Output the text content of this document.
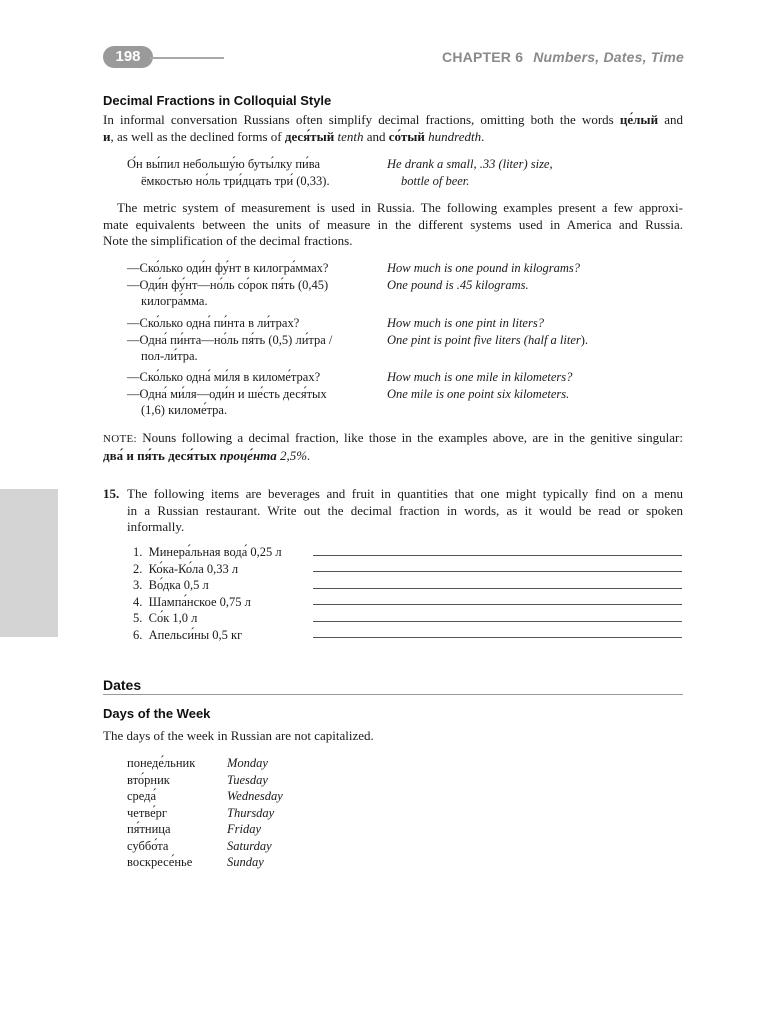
198	CHAPTER 6 Numbers, Dates, Time
Decimal Fractions in Colloquial Style
In informal conversation Russians often simplify decimal fractions, omitting both the words це́лый and
и, as well as the declined forms of деся́тый tenth and со́тый hundredth.
О́н вы́пил небольшу́ю буты́лку пи́ва
ёмкостью но́ль три́дцать три́ (0,33).
He drank a small, .33 (liter) size,
bottle of beer.
The metric system of measurement is used in Russia. The following examples present a few approxi-
mate equivalents between the units of measure in the different systems used in America and Russia.
Note the simplification of the decimal fractions.
—Ско́лько оди́н фу́нт в килогра́ммах?
—Оди́н фу́нт—но́ль со́рок пя́ть (0,45)
килогра́мма.
How much is one pound in kilograms?
One pound is .45 kilograms.
—Ско́лько одна́ пи́нта в ли́трах?
—Одна́ пи́нта—но́ль пя́ть (0,5) ли́тра /
пол-ли́тра.
How much is one pint in liters?
One pint is point five liters (half a liter).
—Ско́лько одна́ ми́ля в киломе́трах?
—Одна́ ми́ля—оди́н и ше́сть деся́тых
(1,6) киломе́тра.
How much is one mile in kilometers?
One mile is one point six kilometers.
NOTE: Nouns following a decimal fraction, like those in the examples above, are in the genitive singular:
два́ и пя́ть деся́тых проце́нта 2,5%.
15. The following items are beverages and fruit in quantities that one might typically find on a menu
in a Russian restaurant. Write out the decimal fraction in words, as it would be read or spoken
informally.
1.  Минера́льная вода́ 0,25 л
2.  Ко́ка-Ко́ла 0,33 л
3.  Во́дка 0,5 л
4.  Шампа́нское 0,75 л
5.  Со́к 1,0 л
6.  Апельси́ны 0,5 кг
Dates
Days of the Week
The days of the week in Russian are not capitalized.
понеде́льник
вто́рник
среда́
четве́рг
пя́тница
суббо́та
воскресе́нье
Monday
Tuesday
Wednesday
Thursday
Friday
Saturday
Sunday
